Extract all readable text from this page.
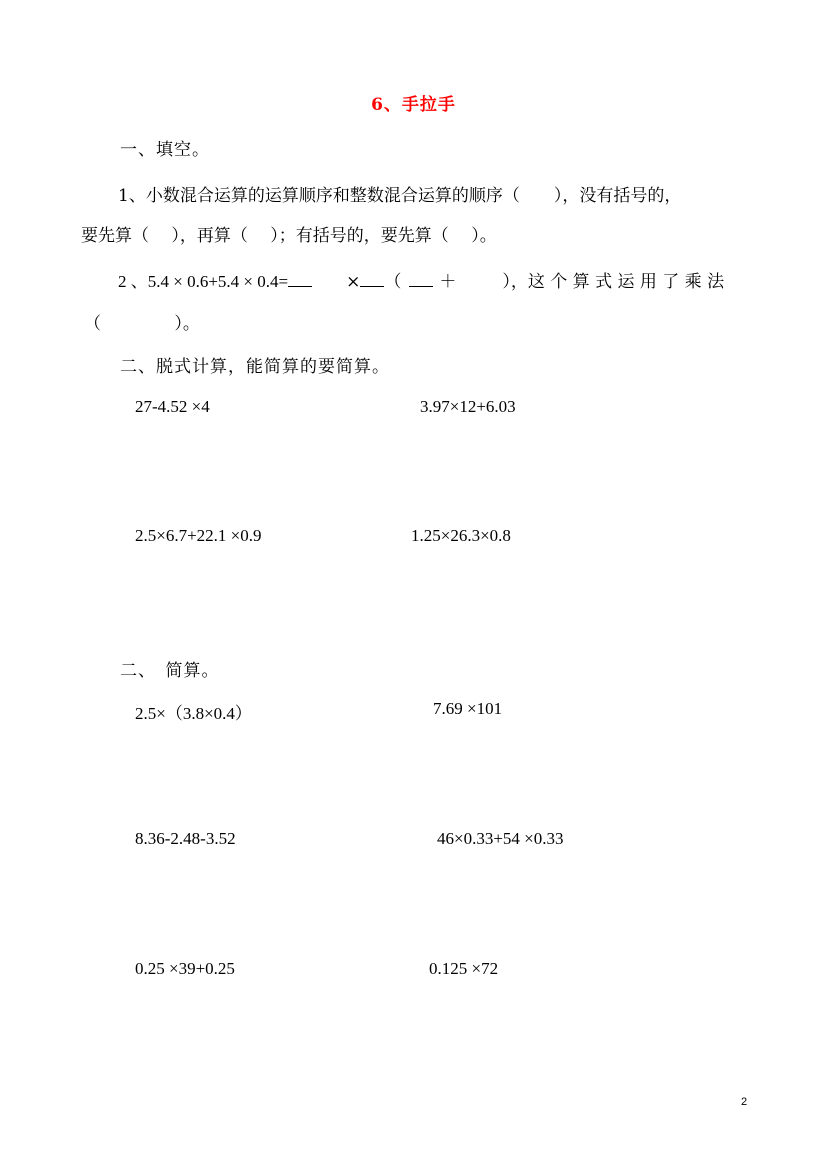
6、手拉手
一、填空。
1、小数混合运算的运算顺序和整数混合运算的顺序（　　），没有括号的，
要先算（　 ），再算（　 ）；有括号的，要先算（　 ）。
2 、5.4 × 0.6+5.4 × 0.4=	× （ ＋	），这 个 算 式 运 用 了 乘 法
（　　　　 ）。
二、脱式计算，能简算的要简算。
27-4.52 ×4	3.97×12+6.03
2.5×6.7+22.1 ×0.9	1.25×26.3×0.8
二、　简算。
2.5×（3.8×0.4）	7.69 ×101
8.36-2.48-3.52	46×0.33+54 ×0.33
0.25 ×39+0.25	0.125 ×72
2
